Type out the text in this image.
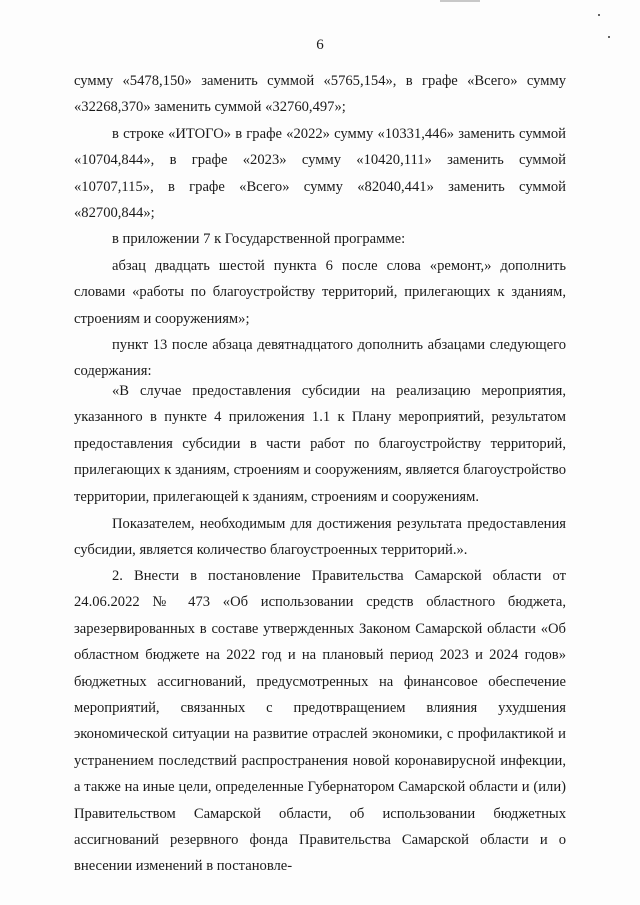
6

сумму «5478,150» заменить суммой «5765,154», в графе «Всего» сумму «32268,370» заменить суммой «32760,497»;

в строке «ИТОГО» в графе «2022» сумму «10331,446» заменить суммой «10704,844», в графе «2023» сумму «10420,111» заменить суммой «10707,115», в графе «Всего» сумму «82040,441» заменить суммой «82700,844»;

в приложении 7 к Государственной программе:

абзац двадцать шестой пункта 6 после слова «ремонт,» дополнить словами «работы по благоустройству территорий, прилегающих к зданиям, строениям и сооружениям»;

пункт 13 после абзаца девятнадцатого дополнить абзацами следующего содержания:

«В случае предоставления субсидии на реализацию мероприятия, указанного в пункте 4 приложения 1.1 к Плану мероприятий, результатом предоставления субсидии в части работ по благоустройству территорий, прилегающих к зданиям, строениям и сооружениям, является благоустройство территории, прилегающей к зданиям, строениям и сооружениям.

Показателем, необходимым для достижения результата предоставления субсидии, является количество благоустроенных территорий.».

2. Внести в постановление Правительства Самарской области от 24.06.2022 № 473 «Об использовании средств областного бюджета, зарезервированных в составе утвержденных Законом Самарской области «Об областном бюджете на 2022 год и на плановый период 2023 и 2024 годов» бюджетных ассигнований, предусмотренных на финансовое обеспечение мероприятий, связанных с предотвращением влияния ухудшения экономической ситуации на развитие отраслей экономики, с профилактикой и устранением последствий распространения новой коронавирусной инфекции, а также на иные цели, определенные Губернатором Самарской области и (или) Правительством Самарской области, об использовании бюджетных ассигнований резервного фонда Правительства Самарской области и о внесении изменений в постановле-
